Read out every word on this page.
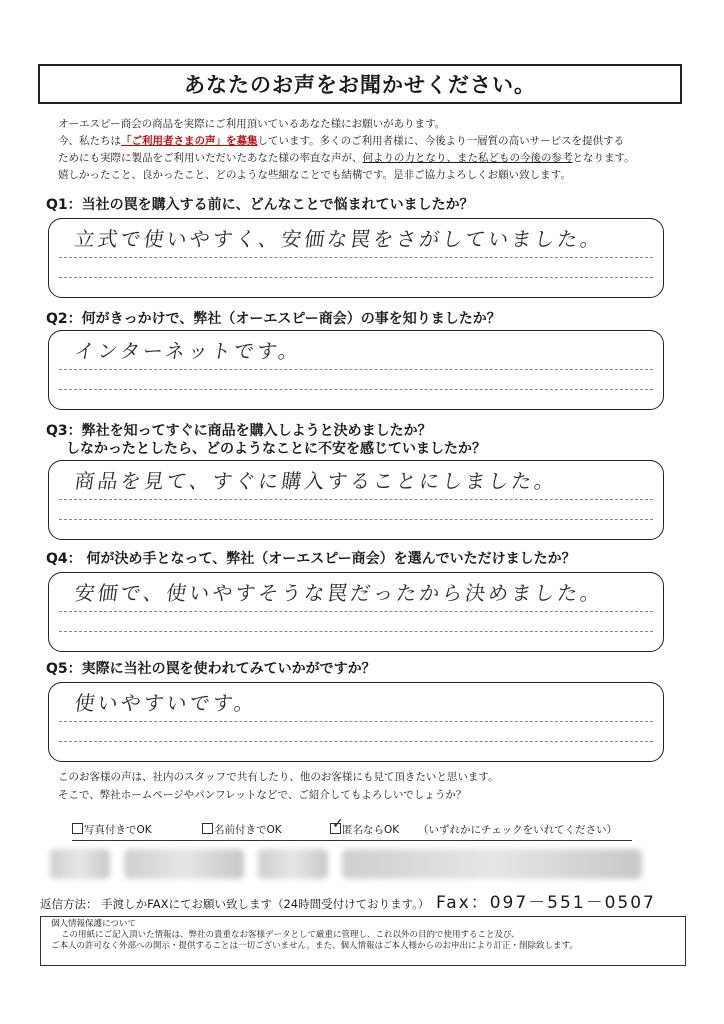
あなたのお声をお聞かせください。
オーエスピー商会の商品を実際にご利用頂いているあなた様にお願いがあります。
今、私たちは「ご利用者さまの声」を募集しています。多くのご利用者様に、今後より一層質の高いサービスを提供する
ためにも実際に製品をご利用いただいたあなた様の率直な声が、何よりの力となり、また私どもの今後の参考となります。
嬉しかったこと、良かったこと、どのような些細なことでも結構です。是非ご協力よろしくお願い致します。
Q1：当社の罠を購入する前に、どんなことで悩まれていましたか？
立式で使いやすく、安価な罠をさがしていました。
Q2：何がきっかけで、弊社（オーエスピー商会）の事を知りましたか？
インターネットです。
Q3：弊社を知ってすぐに商品を購入しようと決めましたか？
しなかったとしたら、どのようなことに不安を感じていましたか？
商品を見て、すぐに購入することにしました。
Q4： 何が決め手となって、弊社（オーエスピー商会）を選んでいただけましたか？
安価で、使いやすそうな罠だったから決めました。
Q5：実際に当社の罠を使われてみていかがですか？
使いやすいです。
このお客様の声は、社内のスタッフで共有したり、他のお客様にも見て頂きたいと思います。
そこで、弊社ホームページやパンフレットなどで、ご紹介してもよろしいでしょうか？
写真付きでOK	名前付きでOK	匿名ならOK
✓	（いずれかにチェックをいれてください）
返信方法： 手渡しかFAXにてお願い致します（24時間受付けております。） Fax：097－551－0507
個人情報保護について
この用紙にご記入頂いた情報は、弊社の貴重なお客様データとして厳重に管理し、これ以外の目的で使用すること及び、
ご本人の許可なく外部への開示・提供することは一切ございません。また、個人情報はご本人様からのお申出により訂正・削除致します。
